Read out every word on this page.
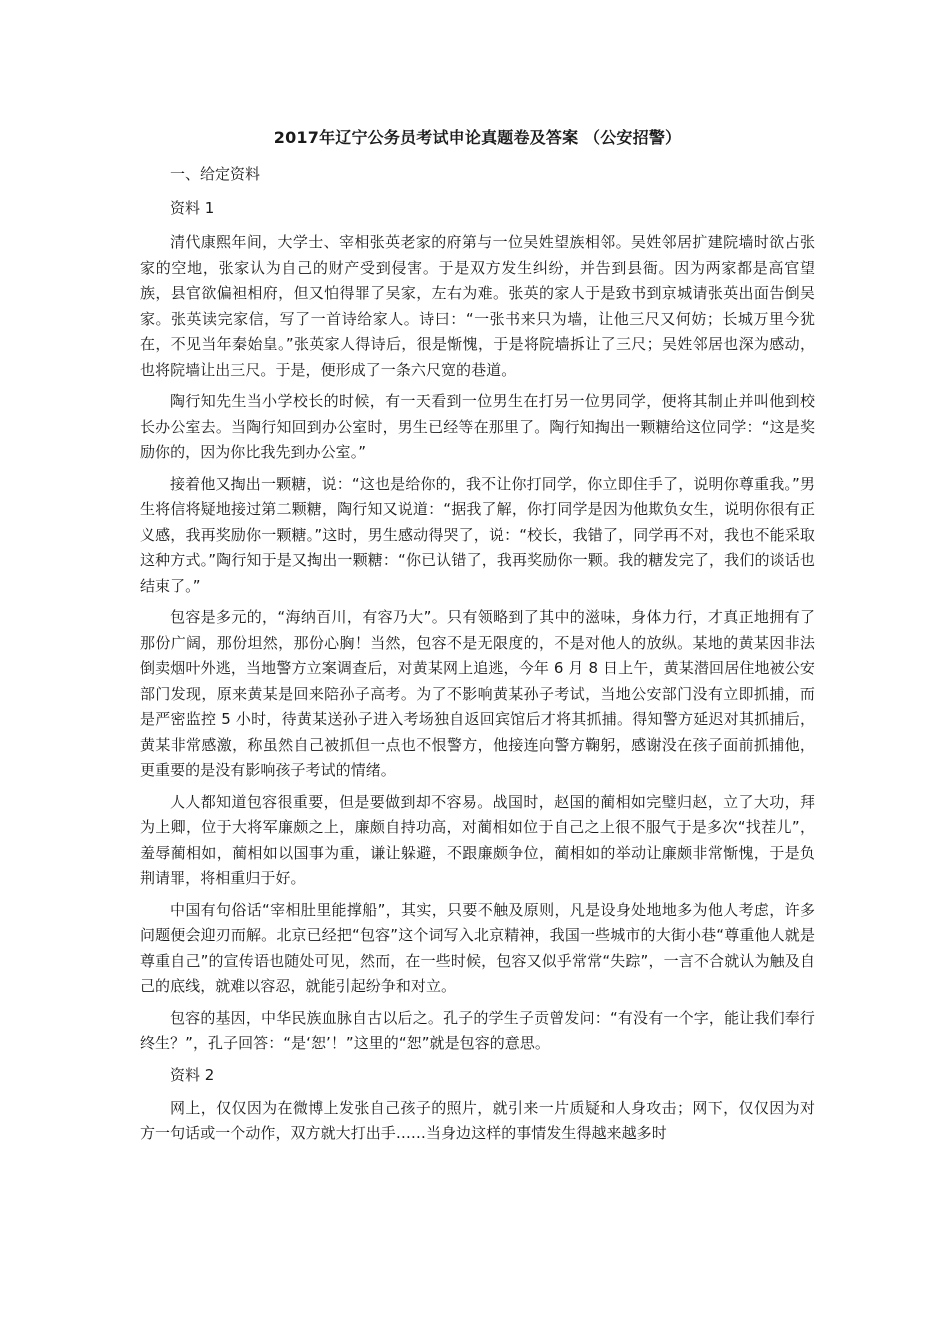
2017年辽宁公务员考试申论真题卷及答案 （公安招警）

一、给定资料

资料 1

清代康熙年间，大学士、宰相张英老家的府第与一位吴姓望族相邻。吴姓邻居扩建院墙时欲占张家的空地，张家认为自己的财产受到侵害。于是双方发生纠纷，并告到县衙。因为两家都是高官望族，县官欲偏袒相府，但又怕得罪了吴家，左右为难。张英的家人于是致书到京城请张英出面告倒吴家。张英读完家信，写了一首诗给家人。诗曰：“一张书来只为墙，让他三尺又何妨；长城万里今犹在，不见当年秦始皇。”张英家人得诗后，很是惭愧，于是将院墙拆让了三尺；吴姓邻居也深为感动，也将院墙让出三尺。于是，便形成了一条六尺宽的巷道。

陶行知先生当小学校长的时候，有一天看到一位男生在打另一位男同学，便将其制止并叫他到校长办公室去。当陶行知回到办公室时，男生已经等在那里了。陶行知掏出一颗糖给这位同学：“这是奖励你的，因为你比我先到办公室。”

接着他又掏出一颗糖，说：“这也是给你的，我不让你打同学，你立即住手了，说明你尊重我。”男生将信将疑地接过第二颗糖，陶行知又说道：“据我了解，你打同学是因为他欺负女生，说明你很有正义感，我再奖励你一颗糖。”这时，男生感动得哭了，说：“校长，我错了，同学再不对，我也不能采取这种方式。”陶行知于是又掏出一颗糖：“你已认错了，我再奖励你一颗。我的糖发完了，我们的谈话也结束了。”

包容是多元的，“海纳百川，有容乃大”。只有领略到了其中的滋味，身体力行，才真正地拥有了那份广阔，那份坦然，那份心胸！当然，包容不是无限度的，不是对他人的放纵。某地的黄某因非法倒卖烟叶外逃，当地警方立案调查后，对黄某网上追逃，今年 6 月 8 日上午，黄某潜回居住地被公安部门发现，原来黄某是回来陪孙子高考。为了不影响黄某孙子考试，当地公安部门没有立即抓捕，而是严密监控 5 小时，待黄某送孙子进入考场独自返回宾馆后才将其抓捕。得知警方延迟对其抓捕后，黄某非常感激，称虽然自己被抓但一点也不恨警方，他接连向警方鞠躬，感谢没在孩子面前抓捕他，更重要的是没有影响孩子考试的情绪。

人人都知道包容很重要，但是要做到却不容易。战国时，赵国的蔺相如完璧归赵，立了大功，拜为上卿，位于大将军廉颇之上，廉颇自持功高，对蔺相如位于自己之上很不服气于是多次“找茬儿”，羞辱蔺相如，蔺相如以国事为重，谦让躲避，不跟廉颇争位，蔺相如的举动让廉颇非常惭愧，于是负荆请罪，将相重归于好。

中国有句俗话“宰相肚里能撑船”，其实，只要不触及原则，凡是设身处地地多为他人考虑，许多问题便会迎刃而解。北京已经把“包容”这个词写入北京精神，我国一些城市的大街小巷“尊重他人就是尊重自己”的宣传语也随处可见，然而，在一些时候，包容又似乎常常“失踪”，一言不合就认为触及自己的底线，就难以容忍，就能引起纷争和对立。

包容的基因，中华民族血脉自古以后之。孔子的学生子贡曾发问：“有没有一个字，能让我们奉行终生？”，孔子回答：“是‘恕’！”这里的“恕”就是包容的意思。

资料 2

网上，仅仅因为在微博上发张自己孩子的照片，就引来一片质疑和人身攻击；网下，仅仅因为对方一句话或一个动作，双方就大打出手……当身边这样的事情发生得越来越多时
